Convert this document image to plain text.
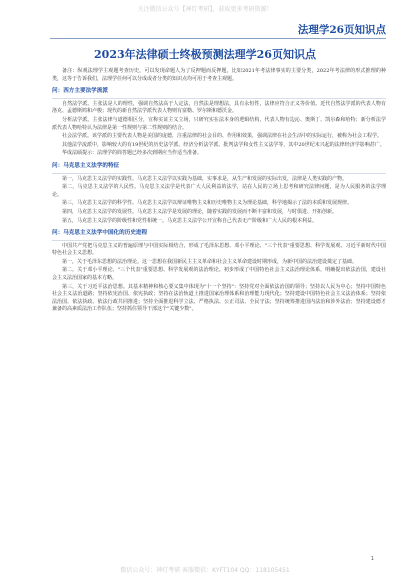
关注微信公众号【神灯考研】，获取更多考研资源！
法理学26页知识点
2023年法律硕士终极预测法理学26页知识点

备注：纵观法理学主观题考查历史，可以发现命题人为了反押题而反押题，比如2021年考法律事实的主要分类，2022年考法律的形式推理的种类，这等于告诉我们，法理学任何可以分成或者分类的知识点均可用于考查主观题。

问：西方主要法学流派

自然法学派。主张法是人的理性，强调自然法高于人定法，自然法是理想法，具有永恒性，法律应符合正义等价值。近代自然法学派的代表人物有洛克、孟德斯鸠和卢梭；现代的新自然法学派代表人物则有富勒、罗尔斯和德沃金。

分析法学派。主张法律与道德相区分，宣称实证主义立场，只研究实在法本身的逻辑结构，代表人物有边沁、奥斯丁、凯尔森和哈特；新分析法学派代表人物哈特认为法律是第一性规则与第二性规则的结合。

社会法学派。该学派的主要代表人物是美国的庞德，注重法律的社会目的、作用和效果，强调法律在社会生活中的实际运行，被称为社会工程学。

其他法学流派中，影响较大的有19世纪的历史法学派、经济分析法学派、批判法学和女性主义法学等，其中20世纪末兴起的法律经济学影响甚广。

华成法硕提示：法理学的简答题已经多次到期应当作适当准备。

问：马克思主义法学的特征

第一，马克思主义法学的实践性。马克思主义法学以实践为基础，实事求是，从生产和发展的实际出发，法律是人类实践的产物。

第二，马克思主义法学的人民性。马克思主义法学是代表广大人民利益的法学，站在人民的立场上思考和研究法律问题，是为人民服务的法学理论。

第三，马克思主义法学的科学性。马克思主义法学以辩证唯物主义和历史唯物主义为理论基础，科学地揭示了法的本质和发展规律。

第四，马克思主义法学的发展性。马克思主义法学是发展的理论，随着实践的发展而不断丰富和发展，与时俱进、开拓创新。

第五，马克思主义法学的阶级性和党性相统一。马克思主义法学公开宣称自己代表无产阶级和广大人民的根本利益。

问：马克思主义法学中国化的历史进程

中国共产党把马克思主义的普遍原理与中国实际相结合，形成了毛泽东思想、邓小平理论、"三个代表"重要思想、科学发展观、习近平新时代中国特色社会主义思想。

第一，关于毛泽东思想的法治理论。这一思想在我国新民主主义革命和社会主义革命建设时期形成，为新中国的法治建设奠定了基础。

第二，关于邓小平理论、"三个代表"重要思想、科学发展观的法治理论。初步形成了中国特色社会主义法治理论体系，明确提出依法治国，建设社会主义法治国家的基本方略。

第三，关于习近平法治思想。其基本精神和核心要义集中体现为"十一个坚持"：坚持党对全面依法治国的领导；坚持以人民为中心；坚持中国特色社会主义法治道路；坚持依宪治国、依宪执政；坚持在法治轨道上推进国家治理体系和治理能力现代化；坚持建设中国特色社会主义法治体系；坚持依法治国、依法执政、依法行政共同推进；坚持全面推进科学立法、严格执法、公正司法、全民守法；坚持统筹推进国内法治和涉外法治；坚持建设德才兼备的高素质法治工作队伍；坚持抓住领导干部这个"关键少数"。

1
微信公众号：神灯考研 客服微信：KYFT104 QQ：118105451
